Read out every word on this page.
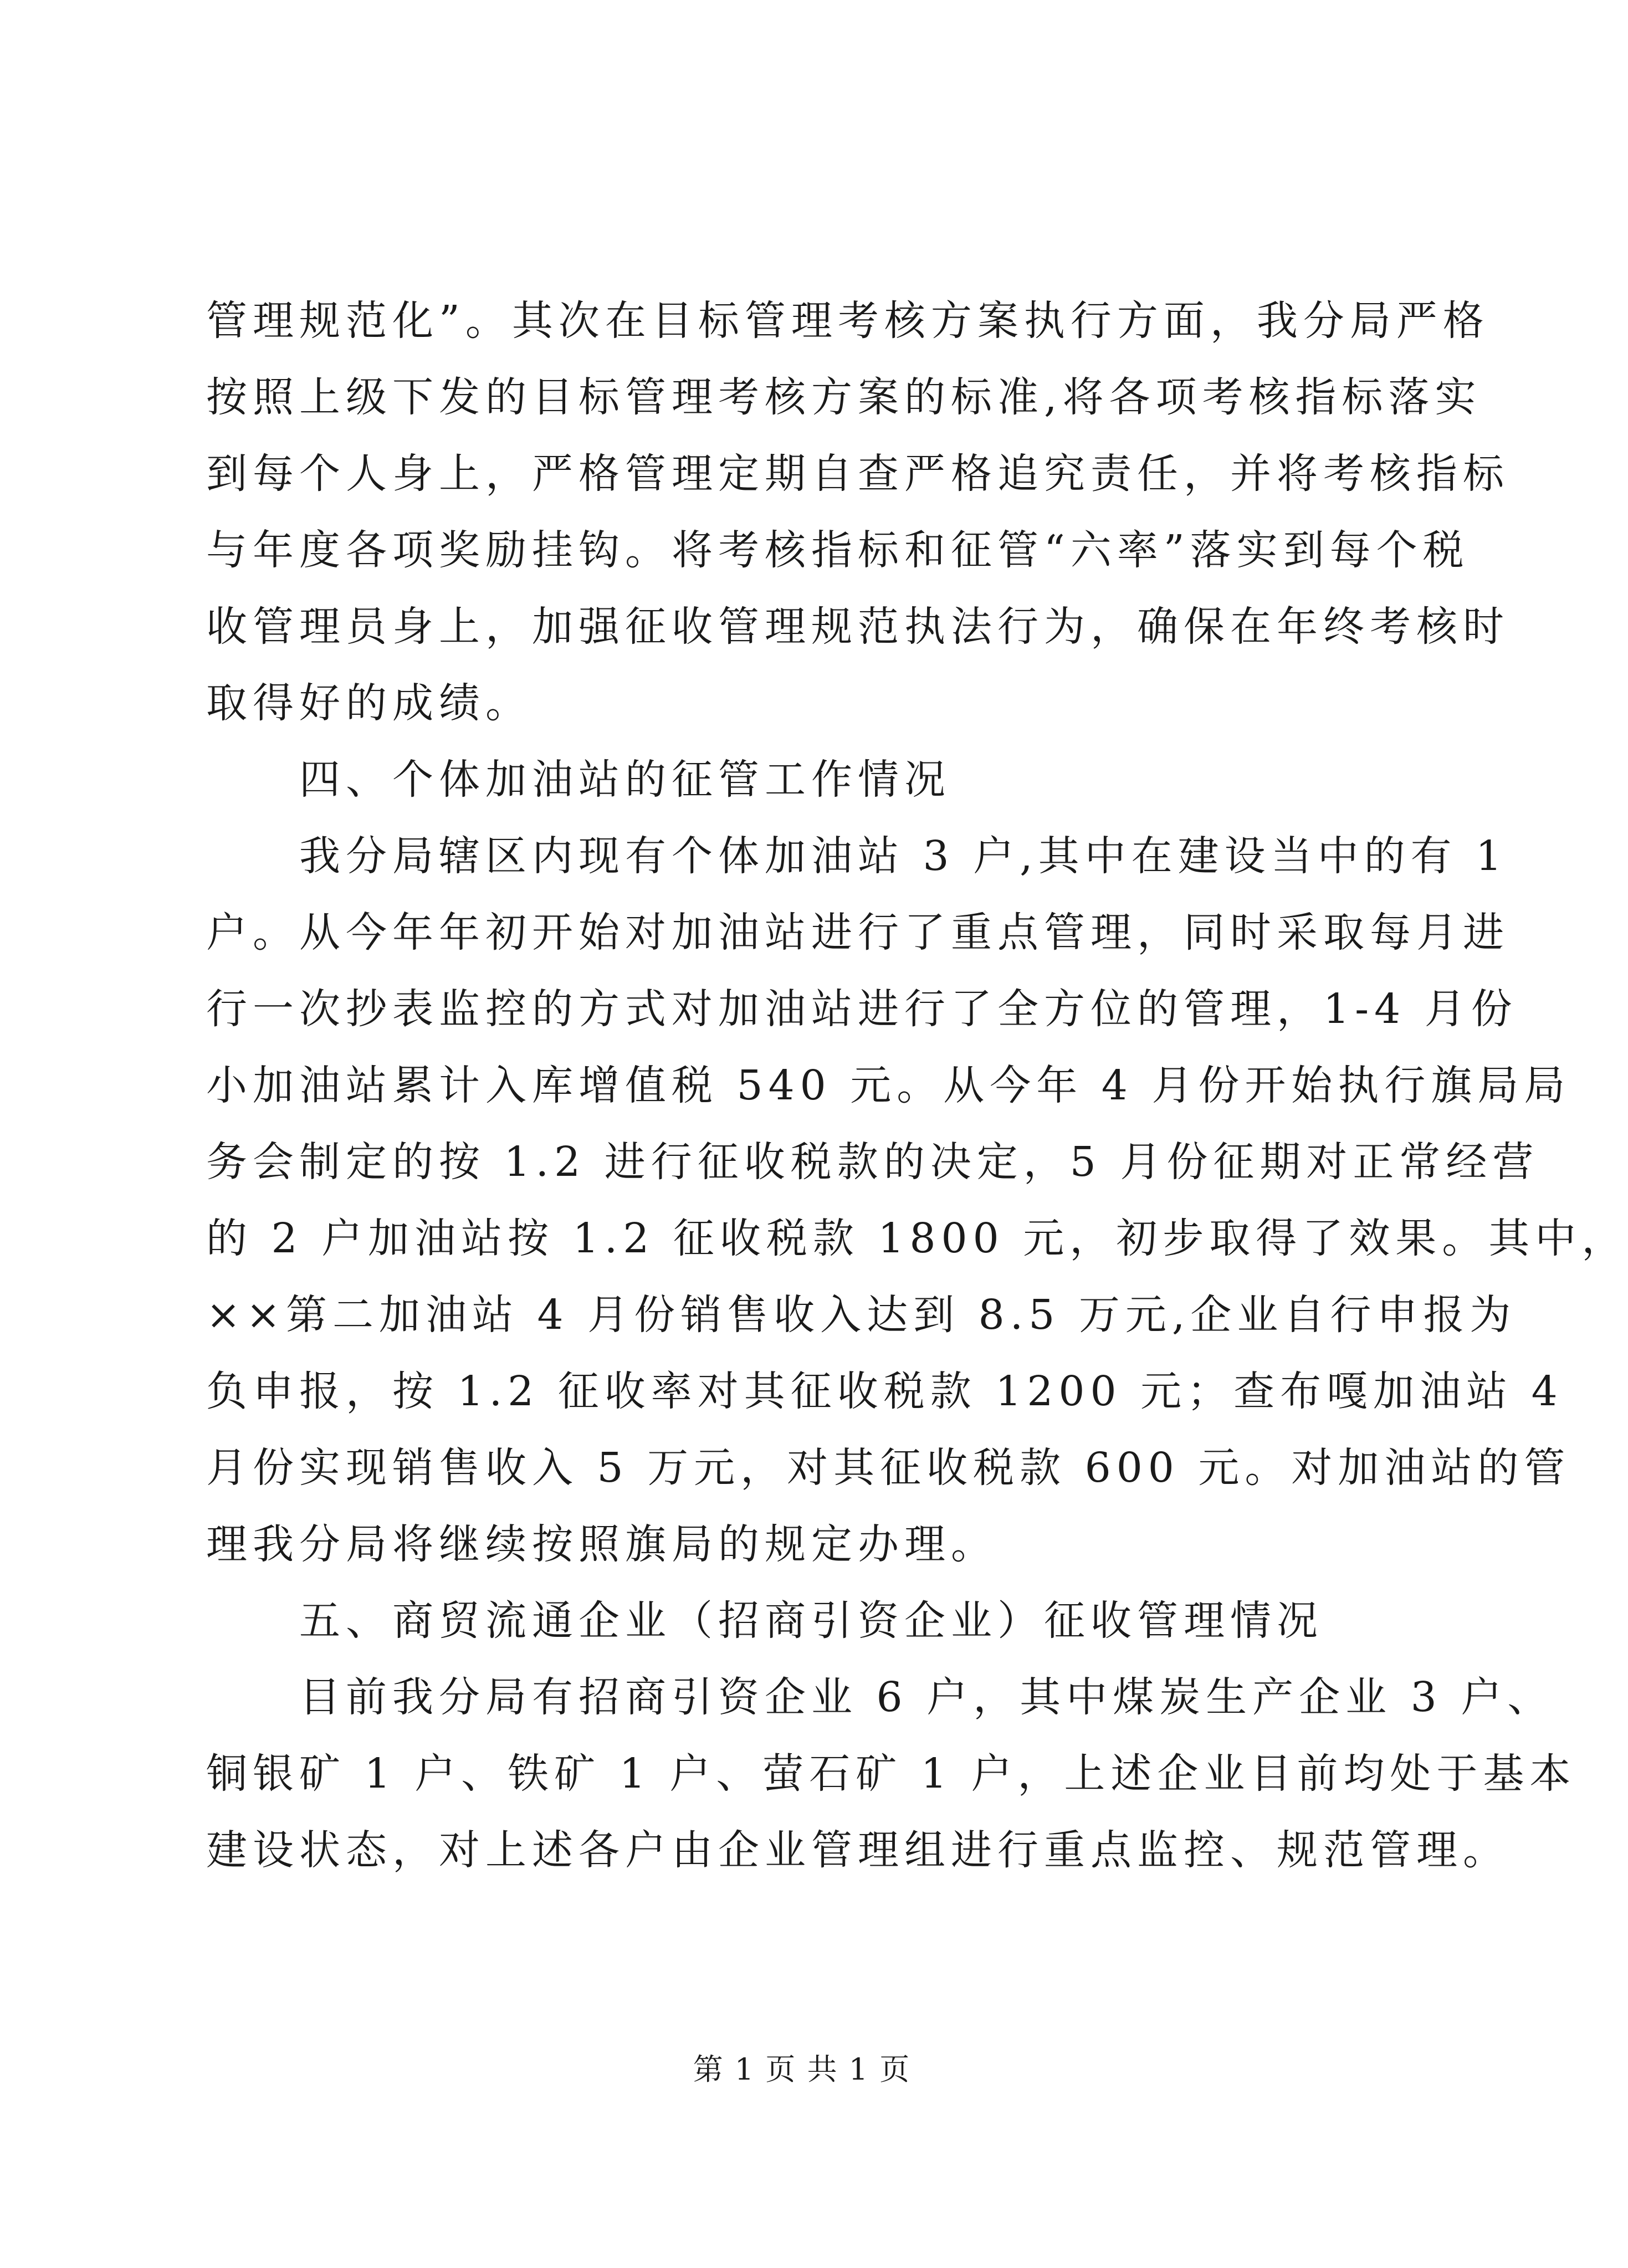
管理规范化”。其次在目标管理考核方案执行方面，我分局严格
按照上级下发的目标管理考核方案的标准,将各项考核指标落实
到每个人身上，严格管理定期自查严格追究责任，并将考核指标
与年度各项奖励挂钩。将考核指标和征管“六率”落实到每个税
收管理员身上，加强征收管理规范执法行为，确保在年终考核时
取得好的成绩。
四、个体加油站的征管工作情况
我分局辖区内现有个体加油站 3 户,其中在建设当中的有 1
户。从今年年初开始对加油站进行了重点管理，同时采取每月进
行一次抄表监控的方式对加油站进行了全方位的管理，1-4 月份
小加油站累计入库增值税 540 元。从今年 4 月份开始执行旗局局
务会制定的按 1.2 进行征收税款的决定，5 月份征期对正常经营
的 2 户加油站按 1.2 征收税款 1800 元，初步取得了效果。其中，
××第二加油站 4 月份销售收入达到 8.5 万元,企业自行申报为
负申报，按 1.2 征收率对其征收税款 1200 元；查布嘎加油站 4
月份实现销售收入 5 万元，对其征收税款 600 元。对加油站的管
理我分局将继续按照旗局的规定办理。
五、商贸流通企业（招商引资企业）征收管理情况
目前我分局有招商引资企业 6 户，其中煤炭生产企业 3 户、
铜银矿 1 户、铁矿 1 户、萤石矿 1 户，上述企业目前均处于基本
建设状态，对上述各户由企业管理组进行重点监控、规范管理。
第 1 页 共 1 页
